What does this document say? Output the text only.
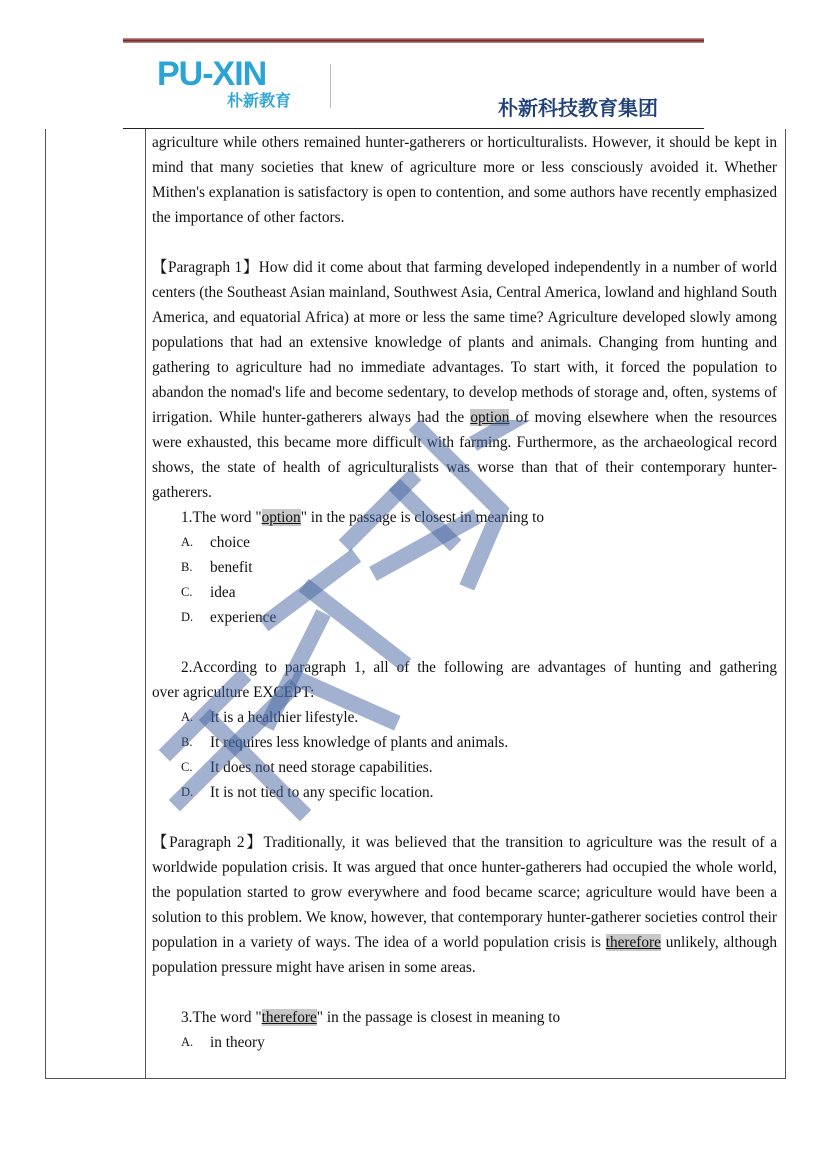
PU-XIN
朴新教育	朴新科技教育集团

agriculture while others remained hunter-gatherers or horticulturalists. However, it should be kept in mind that many societies that knew of agriculture more or less consciously avoided it. Whether Mithen's explanation is satisfactory is open to contention, and some authors have recently emphasized the importance of other factors.

【Paragraph 1】How did it come about that farming developed independently in a number of world centers (the Southeast Asian mainland, Southwest Asia, Central America, lowland and highland South America, and equatorial Africa) at more or less the same time? Agriculture developed slowly among populations that had an extensive knowledge of plants and animals. Changing from hunting and gathering to agriculture had no immediate advantages. To start with, it forced the population to abandon the nomad's life and become sedentary, to develop methods of storage and, often, systems of irrigation. While hunter-gatherers always had the option of moving elsewhere when the resources were exhausted, this became more difficult with farming. Furthermore, as the archaeological record shows, the state of health of agriculturalists was worse than that of their contemporary hunter-gatherers.

1.The word "option" in the passage is closest in meaning to

A.	choice
B.	benefit
C.	idea
D.	experience

2.According to paragraph 1, all of the following are advantages of hunting and gathering

over agriculture EXCEPT:

A.	It is a healthier lifestyle.
B.	It requires less knowledge of plants and animals.
C.	It does not need storage capabilities.
D.	It is not tied to any specific location.

【Paragraph 2】Traditionally, it was believed that the transition to agriculture was the result of a worldwide population crisis. It was argued that once hunter-gatherers had occupied the whole world, the population started to grow everywhere and food became scarce; agriculture would have been a solution to this problem. We know, however, that contemporary hunter-gatherer societies control their population in a variety of ways. The idea of a world population crisis is therefore unlikely, although population pressure might have arisen in some areas.

3.The word "therefore" in the passage is closest in meaning to

A.	in theory
